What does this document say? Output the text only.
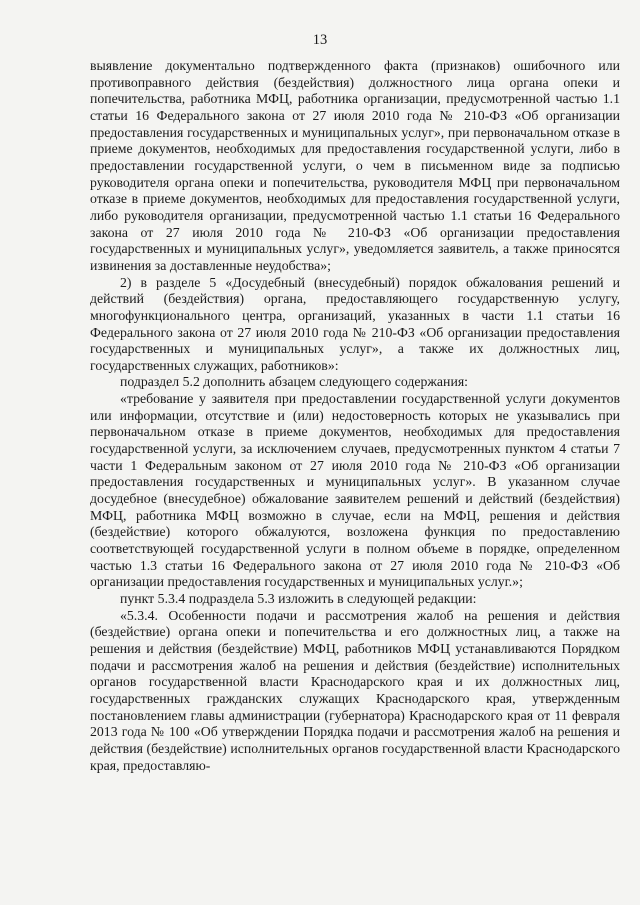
13

выявление документально подтвержденного факта (признаков) ошибочного или противоправного действия (бездействия) должностного лица органа опеки и попечительства, работника МФЦ, работника организации, предусмотренной частью 1.1 статьи 16 Федерального закона от 27 июля 2010 года № 210-ФЗ «Об организации предоставления государственных и муниципальных услуг», при первоначальном отказе в приеме документов, необходимых для предоставления государственной услуги, либо в предоставлении государственной услуги, о чем в письменном виде за подписью руководителя органа опеки и попечительства, руководителя МФЦ при первоначальном отказе в приеме документов, необходимых для предоставления государственной услуги, либо руководителя организации, предусмотренной частью 1.1 статьи 16 Федерального закона от 27 июля 2010 года № 210-ФЗ «Об организации предоставления государственных и муниципальных услуг», уведомляется заявитель, а также приносятся извинения за доставленные неудобства»;

2) в разделе 5 «Досудебный (внесудебный) порядок обжалования решений и действий (бездействия) органа, предоставляющего государственную услугу, многофункционального центра, организаций, указанных в части 1.1 статьи 16 Федерального закона от 27 июля 2010 года № 210-ФЗ «Об организации предоставления государственных и муниципальных услуг», а также их должностных лиц, государственных служащих, работников»:

подраздел 5.2 дополнить абзацем следующего содержания:

«требование у заявителя при предоставлении государственной услуги документов или информации, отсутствие и (или) недостоверность которых не указывались при первоначальном отказе в приеме документов, необходимых для предоставления государственной услуги, за исключением случаев, предусмотренных пунктом 4 статьи 7 части 1 Федеральным законом от 27 июля 2010 года № 210-ФЗ «Об организации предоставления государственных и муниципальных услуг». В указанном случае досудебное (внесудебное) обжалование заявителем решений и действий (бездействия) МФЦ, работника МФЦ возможно в случае, если на МФЦ, решения и действия (бездействие) которого обжалуются, возложена функция по предоставлению соответствующей государственной услуги в полном объеме в порядке, определенном частью 1.3 статьи 16 Федерального закона от 27 июля 2010 года № 210-ФЗ «Об организации предоставления государственных и муниципальных услуг.»;

пункт 5.3.4 подраздела 5.3 изложить в следующей редакции:

«5.3.4. Особенности подачи и рассмотрения жалоб на решения и действия (бездействие) органа опеки и попечительства и его должностных лиц, а также на решения и действия (бездействие) МФЦ, работников МФЦ устанавливаются Порядком подачи и рассмотрения жалоб на решения и действия (бездействие) исполнительных органов государственной власти Краснодарского края и их должностных лиц, государственных гражданских служащих Краснодарского края, утвержденным постановлением главы администрации (губернатора) Краснодарского края от 11 февраля 2013 года № 100 «Об утверждении Порядка подачи и рассмотрения жалоб на решения и действия (бездействие) исполнительных органов государственной власти Краснодарского края, предоставляю-
